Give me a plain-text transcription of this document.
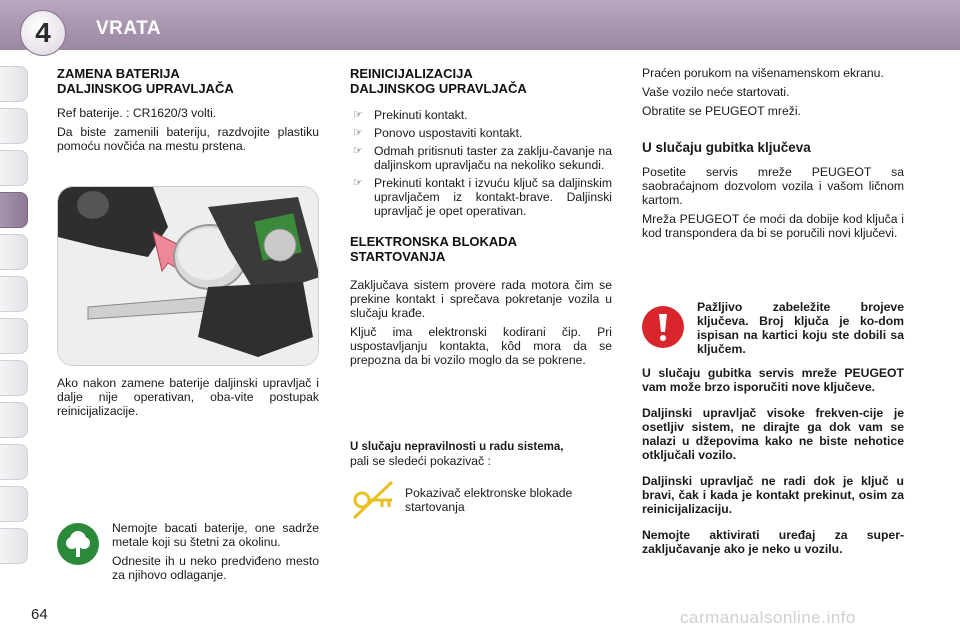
4 VRATA
ZAMENA BATERIJA
DALJINSKOG UPRAVLJAČA

Ref baterije. : CR1620/3 volti.

Da biste zamenili bateriju, razdvojite plastiku pomoću novčića na mestu prstena.

Ako nakon zamene baterije daljinski upravljač i dalje nije operativan, oba-vite postupak reinicijalizacije.

Nemojte bacati baterije, one sadrže metale koji su štetni za okolinu.

Odnesite ih u neko predviđeno mesto za njihovo odlaganje.

REINICIJALIZACIJA
DALJINSKOG UPRAVLJAČA
☞ Prekinuti kontakt.
☞ Ponovo uspostaviti kontakt.
☞ Odmah pritisnuti taster za zaklju-čavanje na daljinskom upravljaču na nekoliko sekundi.
☞ Prekinuti kontakt i izvuću ključ sa daljinskim upravljačem iz kontakt-brave. Daljinski upravljač je opet operativan.
ELEKTRONSKA BLOKADA
STARTOVANJA

Zaključava sistem provere rada motora čim se prekine kontakt i sprečava pokretanje vozila u slučaju krađe.

Ključ ima elektronski kodirani čip. Pri uspostavljanju kontakta, kôd mora da se prepozna da bi vozilo moglo da se pokrene.

U slučaju nepravilnosti u radu sistema,
pali se sledeći pokazivač :
Pokazivač elektronske blokade startovanja

Praćen porukom na višenamenskom ekranu.

Vaše vozilo neće startovati.

Obratite se PEUGEOT mreži.

U slučaju gubitka ključeva

Posetite servis mreže PEUGEOT sa saobraćajnom dozvolom vozila i vašom ličnom kartom.

Mreža PEUGEOT će moći da dobije kod ključa i kod transpondera da bi se poručili novi ključevi.

Pažljivo zabeležite brojeve ključeva. Broj ključa je ko-dom ispisan na kartici koju ste dobili sa ključem.
U slučaju gubitka servis mreže PEUGEOT vam može brzo isporučiti nove ključeve.
Daljinski upravljač visoke frekven-cije je osetljiv sistem, ne dirajte ga dok vam se nalazi u džepovima kako ne biste nehotice otključali vozilo.
Daljinski upravljač ne radi dok je ključ u bravi, čak i kada je kontakt prekinut, osim za reinicijalizaciju.
Nemojte aktivirati uređaj za super-zaključavanje ako je neko u vozilu.
64	carmanualsonline.info
